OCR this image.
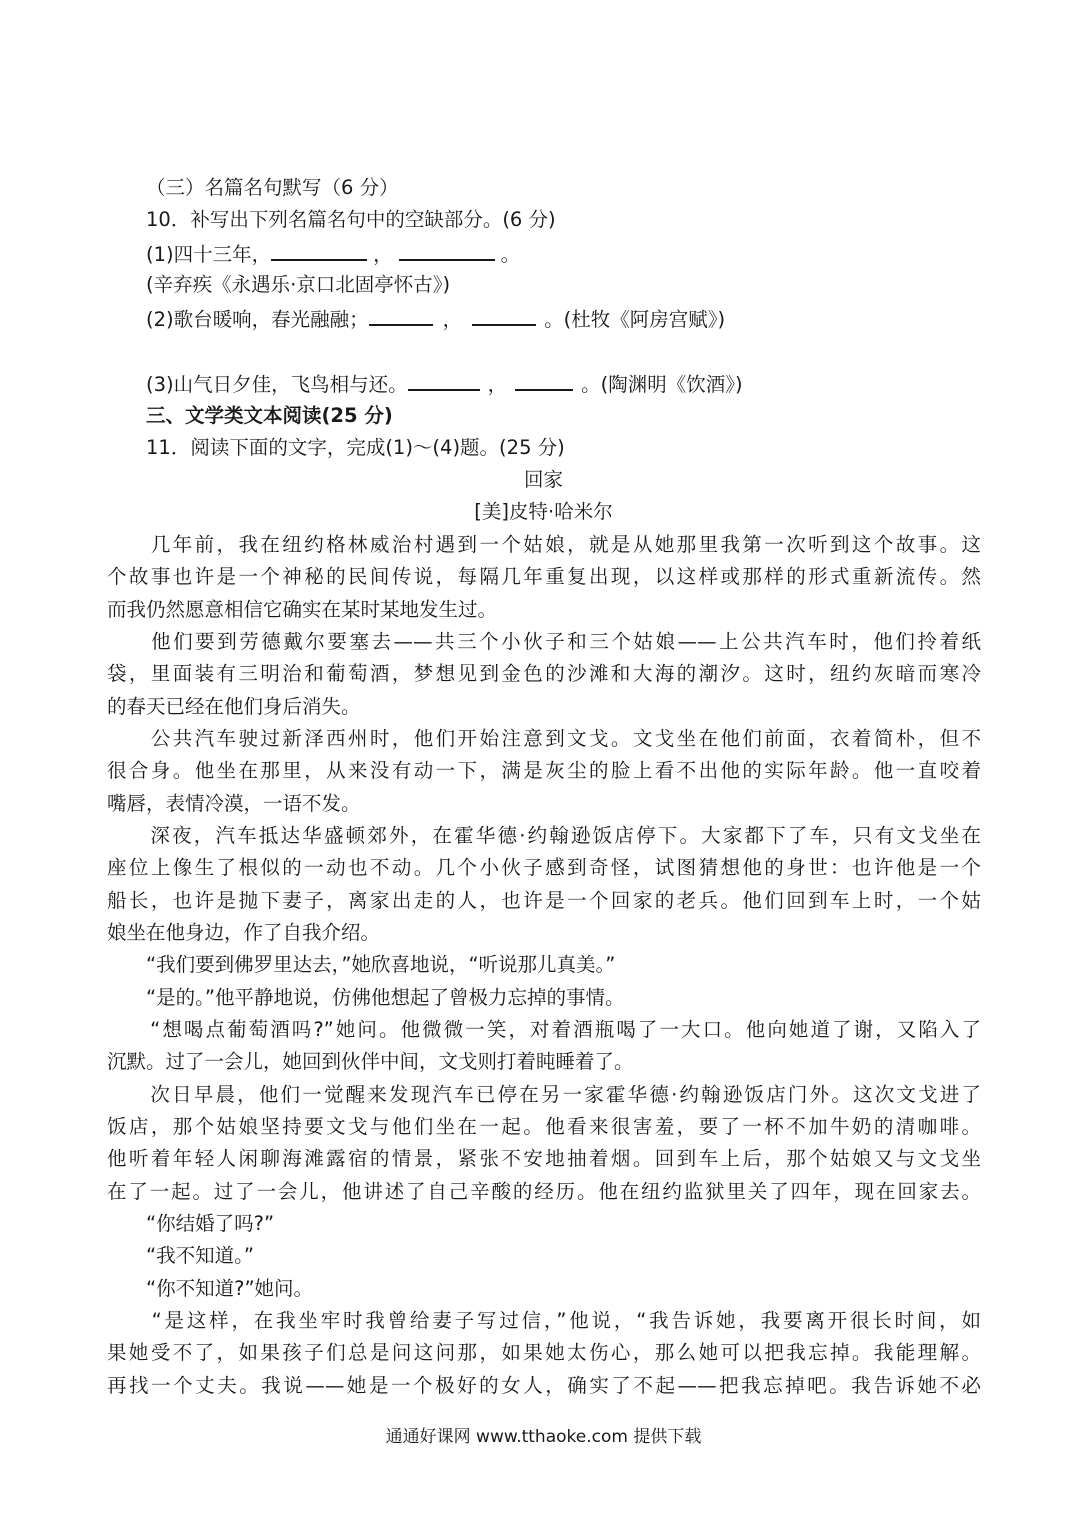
（三）名篇名句默写（6 分）
10．补写出下列名篇名句中的空缺部分。(6 分)
(1)四十三年，	，	。
(辛弃疾《永遇乐·京口北固亭怀古》)
(2)歌台暖响，春光融融；	，	。(杜牧《阿房宫赋》)
(3)山气日夕佳，飞鸟相与还。	，	。(陶渊明《饮酒》)
三、文学类文本阅读(25 分)
11．阅读下面的文字，完成(1)～(4)题。(25 分)
回家
[美]皮特·哈米尔
　　几年前，我在纽约格林威治村遇到一个姑娘，就是从她那里我第一次听到这个故事。这
个故事也许是一个神秘的民间传说，每隔几年重复出现，以这样或那样的形式重新流传。然
而我仍然愿意相信它确实在某时某地发生过。
　　他们要到劳德戴尔要塞去——共三个小伙子和三个姑娘——上公共汽车时，他们拎着纸
袋，里面装有三明治和葡萄酒，梦想见到金色的沙滩和大海的潮汐。这时，纽约灰暗而寒冷
的春天已经在他们身后消失。
　　公共汽车驶过新泽西州时，他们开始注意到文戈。文戈坐在他们前面，衣着简朴，但不
很合身。他坐在那里，从来没有动一下，满是灰尘的脸上看不出他的实际年龄。他一直咬着
嘴唇，表情冷漠，一语不发。
　　深夜，汽车抵达华盛顿郊外，在霍华德·约翰逊饭店停下。大家都下了车，只有文戈坐在
座位上像生了根似的一动也不动。几个小伙子感到奇怪，试图猜想他的身世：也许他是一个
船长，也许是抛下妻子，离家出走的人，也许是一个回家的老兵。他们回到车上时，一个姑
娘坐在他身边，作了自我介绍。
　　“我们要到佛罗里达去，”她欣喜地说，“听说那儿真美。”
　　“是的。”他平静地说，仿佛他想起了曾极力忘掉的事情。
　　“想喝点葡萄酒吗?”她问。他微微一笑，对着酒瓶喝了一大口。他向她道了谢，又陷入了
沉默。过了一会儿，她回到伙伴中间，文戈则打着盹睡着了。
　　次日早晨，他们一觉醒来发现汽车已停在另一家霍华德·约翰逊饭店门外。这次文戈进了
饭店，那个姑娘坚持要文戈与他们坐在一起。他看来很害羞，要了一杯不加牛奶的清咖啡。
他听着年轻人闲聊海滩露宿的情景，紧张不安地抽着烟。回到车上后，那个姑娘又与文戈坐
在了一起。过了一会儿，他讲述了自己辛酸的经历。他在纽约监狱里关了四年，现在回家去。
　　“你结婚了吗?”
　　“我不知道。”
　　“你不知道?”她问。
　　“是这样，在我坐牢时我曾给妻子写过信，”他说，“我告诉她，我要离开很长时间，如
果她受不了，如果孩子们总是问这问那，如果她太伤心，那么她可以把我忘掉。我能理解。
再找一个丈夫。我说——她是一个极好的女人，确实了不起——把我忘掉吧。我告诉她不必
通通好课网 www.tthaoke.com 提供下载
